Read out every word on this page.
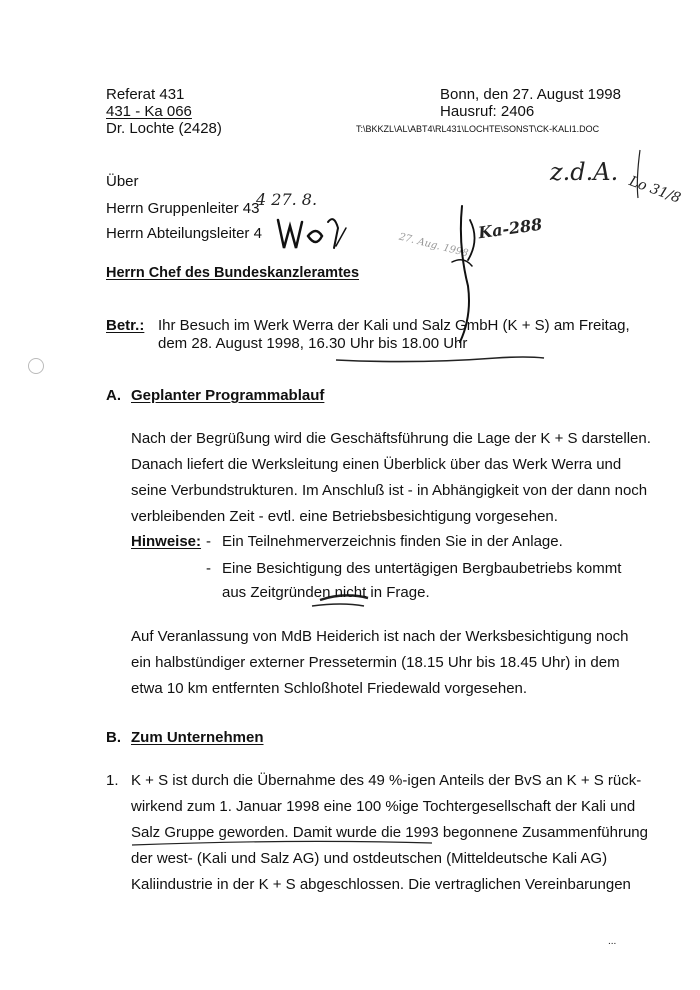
Referat 431
431 - Ka 066
Dr. Lochte (2428)
Bonn, den 27. August 1998
Hausruf: 2406
T:\BKKZL\AL\ABT4\RL431\LOCHTE\SONST\CK-KALI1.DOC
Über
Herrn Gruppenleiter 43
Herrn Abteilungsleiter 4
Herrn Chef des Bundeskanzleramtes
z.d.A.
Lo 31/8
4 27. 8.
Ka-288
27. Aug. 1998
Betr.: Ihr Besuch im Werk Werra der Kali und Salz GmbH (K + S) am Freitag,
dem 28. August 1998, 16.30 Uhr bis 18.00 Uhr
A. Geplanter Programmablauf
Nach der Begrüßung wird die Geschäftsführung die Lage der K + S darstellen.
Danach liefert die Werksleitung einen Überblick über das Werk Werra und
seine Verbundstrukturen. Im Anschluß ist - in Abhängigkeit von der dann noch
verbleibenden Zeit - evtl. eine Betriebsbesichtigung vorgesehen.
Hinweise: - Ein Teilnehmerverzeichnis finden Sie in der Anlage.
- Eine Besichtigung des untertägigen Bergbaubetriebs kommt
aus Zeitgründen nicht in Frage.
Auf Veranlassung von MdB Heiderich ist nach der Werksbesichtigung noch
ein halbstündiger externer Pressetermin (18.15 Uhr bis 18.45 Uhr) in dem
etwa 10 km entfernten Schloßhotel Friedewald vorgesehen.
B. Zum Unternehmen
1. K + S ist durch die Übernahme des 49 %-igen Anteils der BvS an K + S rück-
wirkend zum 1. Januar 1998 eine 100 %ige Tochtergesellschaft der Kali und
Salz Gruppe geworden. Damit wurde die 1993 begonnene Zusammenführung
der west- (Kali und Salz AG) und ostdeutschen (Mitteldeutsche Kali AG)
Kaliindustrie in der K + S abgeschlossen. Die vertraglichen Vereinbarungen
...
